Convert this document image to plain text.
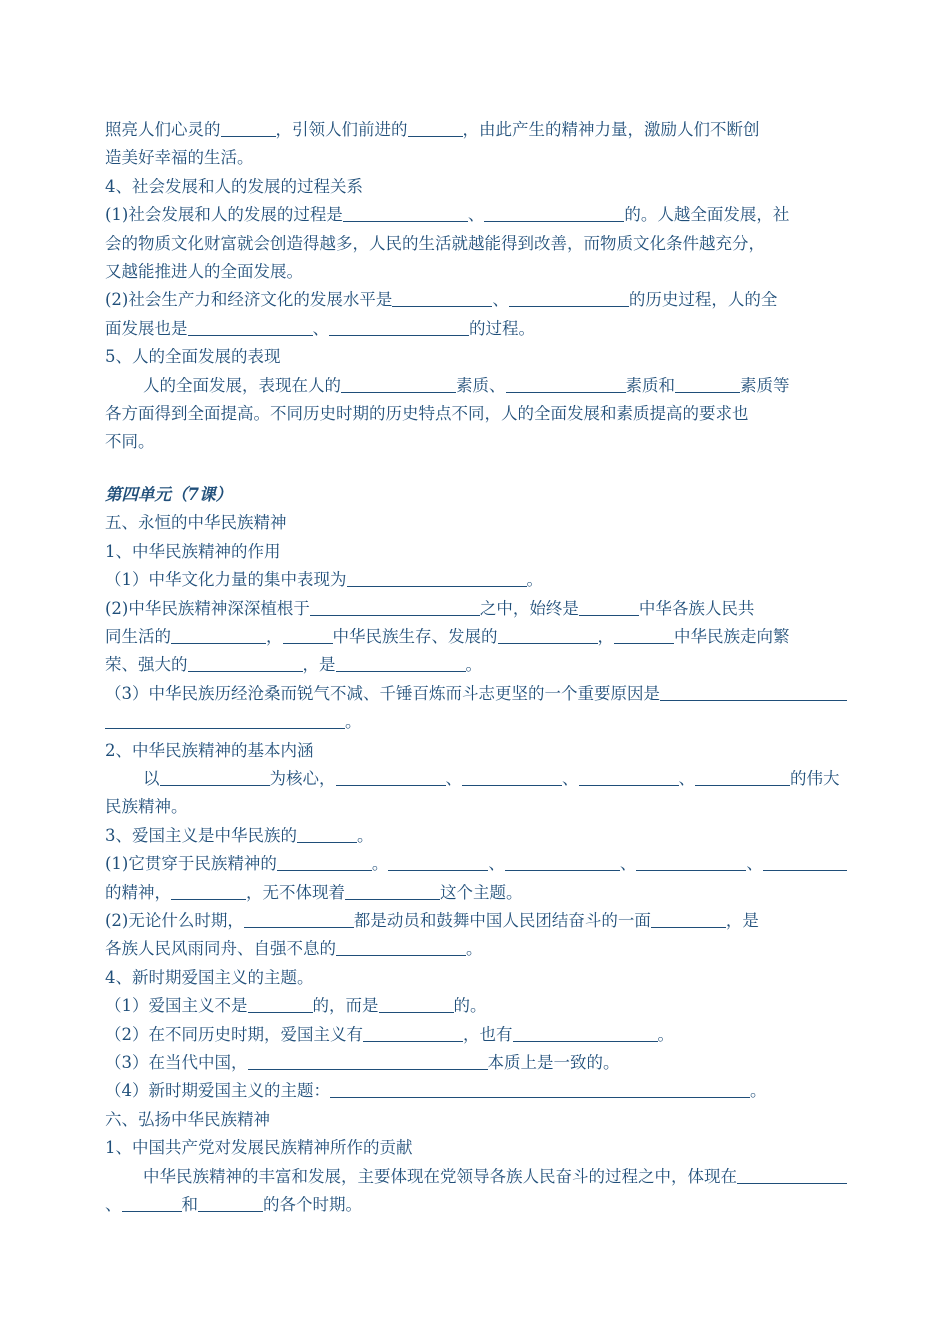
照亮人们心灵的	，引领人们前进的	，由此产生的精神力量，激励人们不断创
造美好幸福的生活。
4、社会发展和人的发展的过程关系
(1)社会发展和人的发展的过程是	、	的。人越全面发展，社
会的物质文化财富就会创造得越多，人民的生活就越能得到改善，而物质文化条件越充分，
又越能推进人的全面发展。
(2)社会生产力和经济文化的发展水平是	、	的历史过程，人的全
面发展也是	、	的过程。
5、人的全面发展的表现
人的全面发展，表现在人的	素质、	素质和	素质等
各方面得到全面提高。不同历史时期的历史特点不同，人的全面发展和素质提高的要求也
不同。
第四单元（7课）
五、永恒的中华民族精神
1、中华民族精神的作用
（1）中华文化力量的集中表现为	。
(2)中华民族精神深深植根于	之中，始终是	中华各族人民共
同生活的	，	中华民族生存、发展的	，	中华民族走向繁
荣、强大的	，是	。
（3）中华民族历经沧桑而锐气不减、千锤百炼而斗志更坚的一个重要原因是
。
2、中华民族精神的基本内涵
以	为核心，	、	、	、	的伟大
民族精神。
3、爱国主义是中华民族的	。
(1)它贯穿于民族精神的	。	、	、	、
的精神，	，无不体现着	这个主题。
(2)无论什么时期，	都是动员和鼓舞中国人民团结奋斗的一面	，是
各族人民风雨同舟、自强不息的	。
4、新时期爱国主义的主题。
（1）爱国主义不是	的，而是	的。
（2）在不同历史时期，爱国主义有	，也有	。
（3）在当代中国，	本质上是一致的。
（4）新时期爱国主义的主题：	。
六、弘扬中华民族精神
1、中国共产党对发展民族精神所作的贡献
中华民族精神的丰富和发展，主要体现在党领导各族人民奋斗的过程之中，体现在
、	和	的各个时期。
